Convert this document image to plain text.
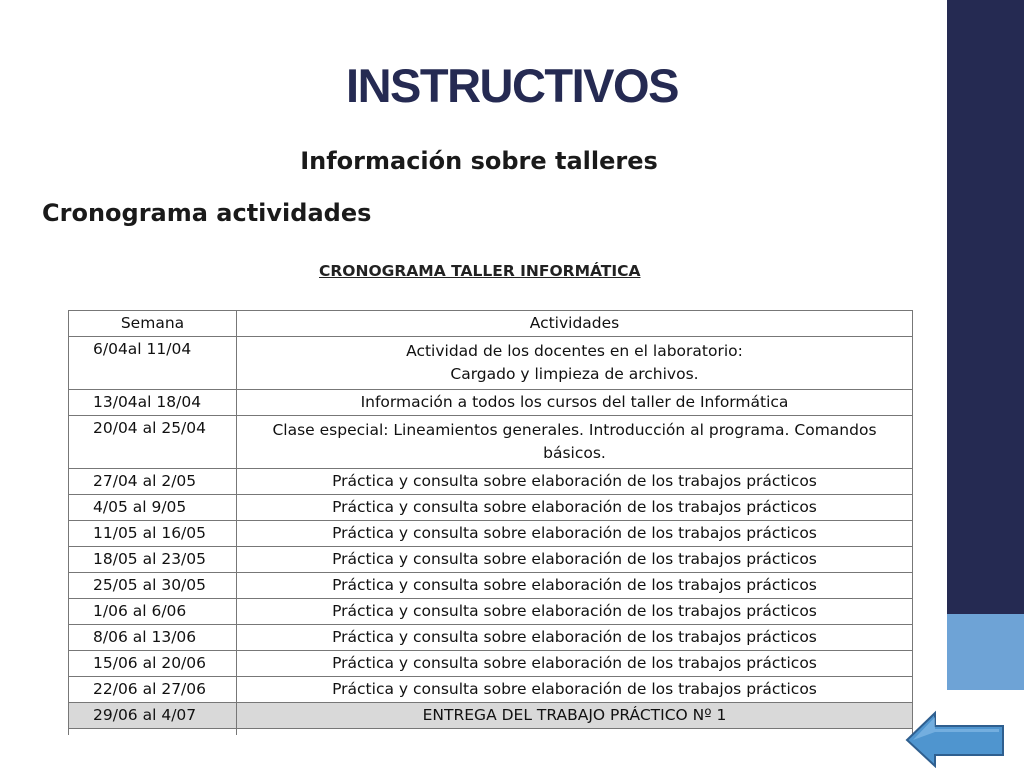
INSTRUCTIVOS
Información sobre talleres
Cronograma actividades
CRONOGRAMA TALLER INFORMÁTICA
Semana	Actividades
6/04al 11/04	Actividad de los docentes en el laboratorio:
Cargado y limpieza de archivos.

13/04al 18/04	Información a todos los cursos del taller de Informática
20/04 al 25/04	Clase especial: Lineamientos generales. Introducción al programa. Comandos
básicos.

27/04 al 2/05	Práctica y consulta sobre elaboración de los trabajos prácticos
4/05 al 9/05	Práctica y consulta sobre elaboración de los trabajos prácticos
11/05 al 16/05	Práctica y consulta sobre elaboración de los trabajos prácticos
18/05 al 23/05	Práctica y consulta sobre elaboración de los trabajos prácticos
25/05 al 30/05	Práctica y consulta sobre elaboración de los trabajos prácticos
1/06 al 6/06	Práctica y consulta sobre elaboración de los trabajos prácticos
8/06 al 13/06	Práctica y consulta sobre elaboración de los trabajos prácticos
15/06 al 20/06	Práctica y consulta sobre elaboración de los trabajos prácticos
22/06 al 27/06	Práctica y consulta sobre elaboración de los trabajos prácticos
29/06 al 4/07	ENTREGA DEL TRABAJO PRÁCTICO Nº 1
